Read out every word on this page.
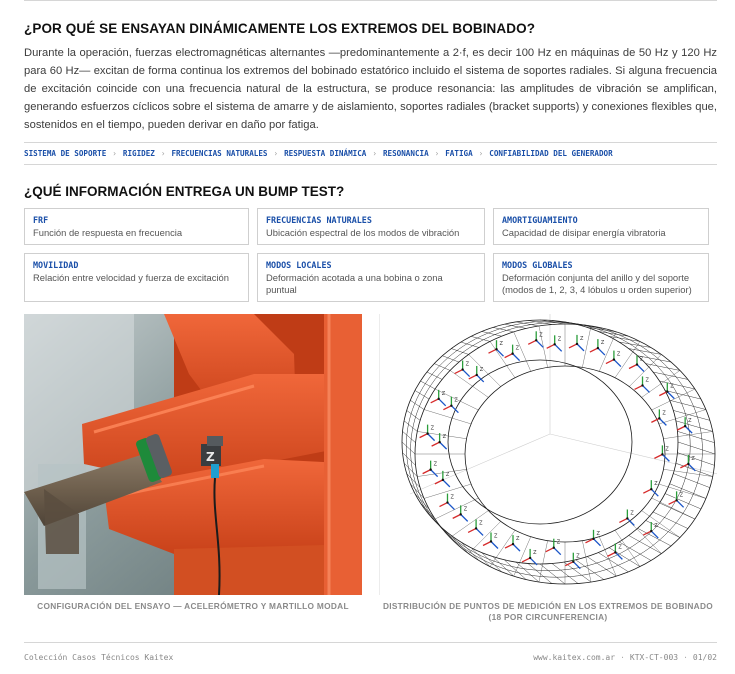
¿POR QUÉ SE ENSAYAN DINÁMICAMENTE LOS EXTREMOS DEL BOBINADO?

Durante la operación, fuerzas electromagnéticas alternantes —predominantemente a 2·f, es decir 100 Hz en máquinas de 50 Hz y 120 Hz para 60 Hz— excitan de forma continua los extremos del bobinado estatórico incluido el sistema de soportes radiales. Si alguna frecuencia de excitación coincide con una frecuencia natural de la estructura, se produce resonancia: las amplitudes de vibración se amplifican, generando esfuerzos cíclicos sobre el sistema de amarre y de aislamiento, soportes radiales (bracket supports) y conexiones flexibles que, sostenidos en el tiempo, pueden derivar en daño por fatiga.

SISTEMA DE SOPORTE › RIGIDEZ › FRECUENCIAS NATURALES › RESPUESTA DINÁMICA › RESONANCIA › FATIGA › CONFIABILIDAD DEL GENERADOR
¿QUÉ INFORMACIÓN ENTREGA UN BUMP TEST?
FRF
Función de respuesta en frecuencia
FRECUENCIAS NATURALES
Ubicación espectral de los modos de vibración
AMORTIGUAMIENTO
Capacidad de disipar energía vibratoria
MOVILIDAD
Relación entre velocidad y fuerza de excitación
MODOS LOCALES
Deformación acotada a una bobina o zona puntual
MODOS GLOBALES
Deformación conjunta del anillo y del soporte (modos de 1, 2, 3, 4 lóbulos u orden superior)
Z	Z
Z
Z
Z
Z
Z
Z
Z
Z
Z
Z
Z
Z
Z
Z
Z
Z
Z
Z
Z
Z
Z
Z
Z
Z
Z
Z
Z
Z
Z
Z
Z
Z
Z
Z
Z
CONFIGURACIÓN DEL ENSAYO — ACELERÓMETRO Y MARTILLO MODAL	DISTRIBUCIÓN DE PUNTOS DE MEDICIÓN EN LOS EXTREMOS DE BOBINADO (18 POR CIRCUNFERENCIA)
Colección Casos Técnicos Kaitex	www.kaitex.com.ar · KTX-CT-003 · 01/02
